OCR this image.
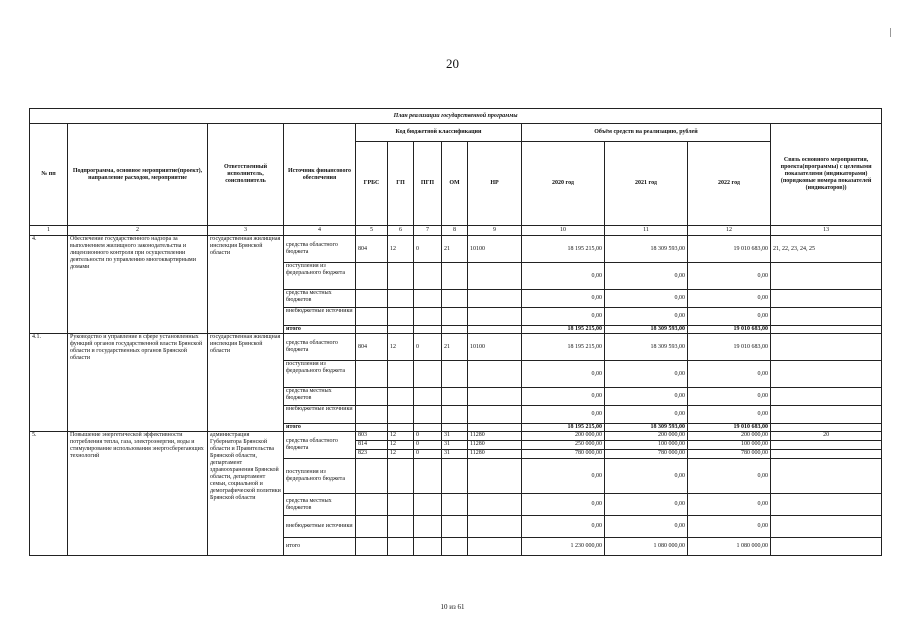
20
План реализации государственной программы												
№ пп	Подпрограмма, основное мероприятие(проект), направление расходов, мероприятие	Ответственный исполнитель, соисполнитель	Источник финансового обеспечения	Код бюджетной классификации					Объём средств на реализацию, рублей			Связь основного мероприятия, проекта(программы) с целевыми показателями (индикаторами) (порядковые номера показателей (индикаторов))
				ГРБС	ГП	ПГП	ОМ	НР	2020 год	2021 год	2022 год	
1	2	3	4	5	6	7	8	9	10	11	12	13
4.	Обеспечение государственного надзора за выполнением жилищного законодательства и лицензионного контроля при осуществлении деятельности по управлению многоквартирными домами	государственная жилищная инспекция Брянской области	средства областного бюджета	804	12	0	21	10100	18 195 215,00	18 309 593,00	19 010 683,00	21, 22, 23, 24, 25
			поступления из федерального бюджета						0,00	0,00	0,00	
			средства местных бюджетов						0,00	0,00	0,00	
			внебюджетные источники						0,00	0,00	0,00	
			итого						18 195 215,00	18 309 593,00	19 010 683,00	
4.1.	Руководство и управление в сфере установленных функций органов государственной власти Брянской области и государственных органов Брянской области	государственная жилищная инспекция Брянской области	средства областного бюджета	804	12	0	21	10100	18 195 215,00	18 309 593,00	19 010 683,00	
			поступления из федерального бюджета						0,00	0,00	0,00	
			средства местных бюджетов						0,00	0,00	0,00	
			внебюджетные источники						0,00	0,00	0,00	
			итого						18 195 215,00	18 309 593,00	19 010 683,00	
5.	Повышение энергетической эффективности потребления тепла, газа, электроэнергии, воды и стимулирование использования энергосберегающих технологий	администрация Губернатора Брянской области и Правительства Брянской области, департамент здравоохранения Брянской области, департамент семьи, социальной и демографической политики Брянской области	средства областного бюджета	803	12	0	31	11280	200 000,00	200 000,00	200 000,00	20
				814	12	0	31	11280	250 000,00	100 000,00	100 000,00	
				823	12	0	31	11280	780 000,00	780 000,00	780 000,00	
			поступления из федерального бюджета						0,00	0,00	0,00	
			средства местных бюджетов						0,00	0,00	0,00	
			внебюджетные источники						0,00	0,00	0,00	
			итого						1 230 000,00	1 080 000,00	1 080 000,00	
10 из 61
